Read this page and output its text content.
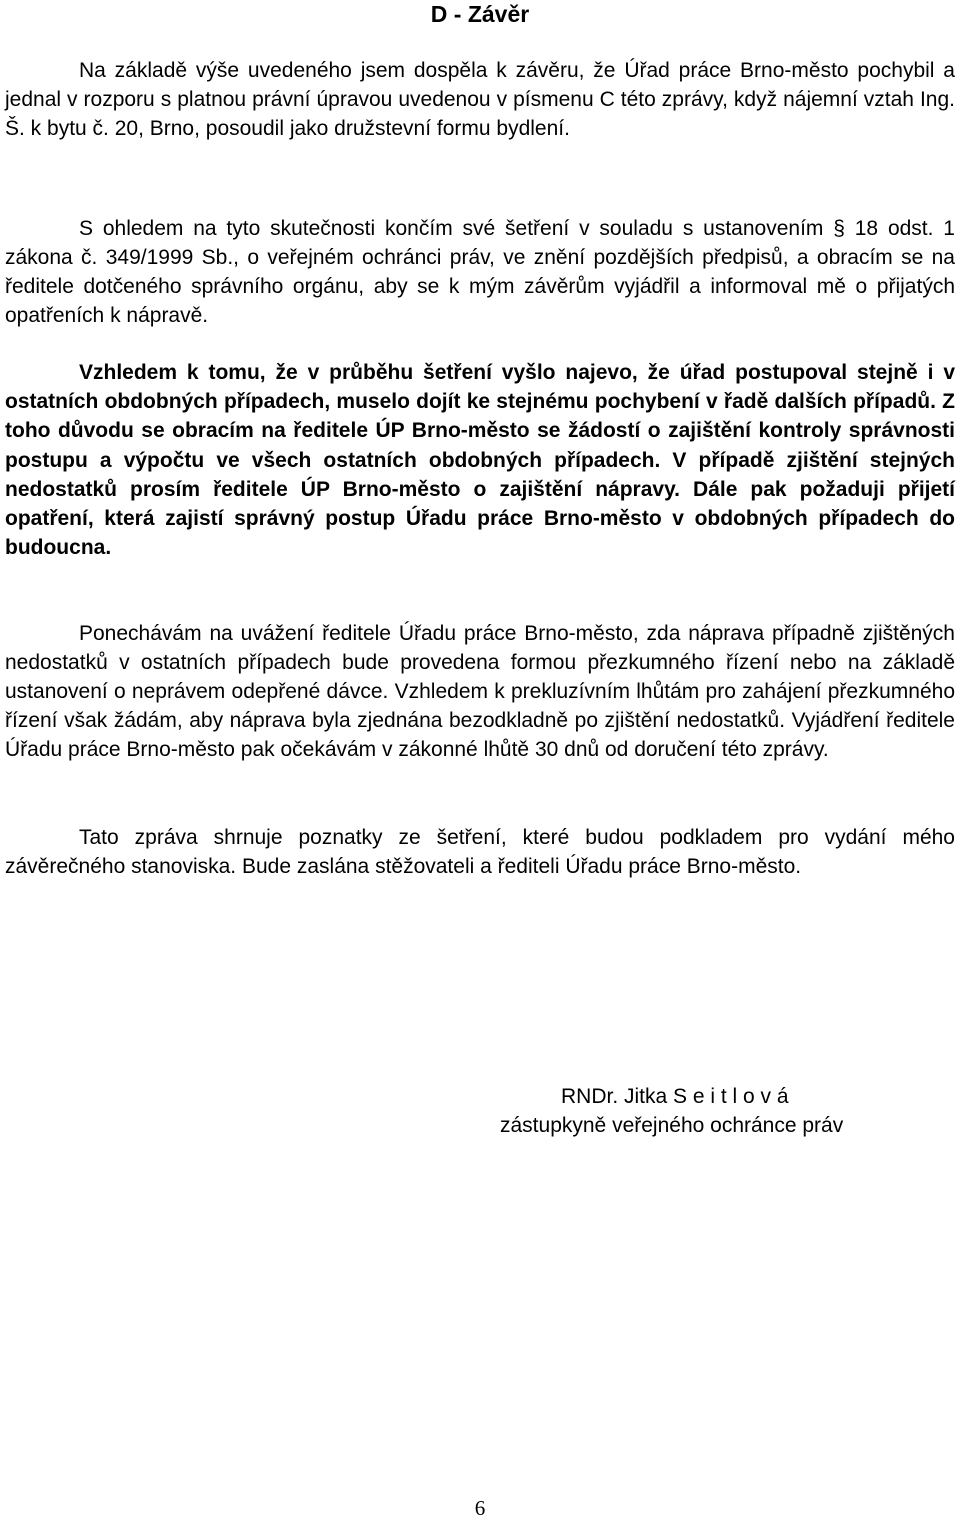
D - Závěr

Na základě výše uvedeného jsem dospěla k závěru, že Úřad práce Brno-město pochybil a jednal v rozporu s platnou právní úpravou uvedenou v písmenu C této zprávy, když nájemní vztah Ing. Š. k bytu č. 20, Brno, posoudil jako družstevní formu bydlení.

S ohledem na tyto skutečnosti končím své šetření v souladu s ustanovením § 18 odst. 1 zákona č. 349/1999 Sb., o veřejném ochránci práv, ve znění pozdějších předpisů, a obracím se na ředitele dotčeného správního orgánu, aby se k mým závěrům vyjádřil a informoval mě o přijatých opatřeních k nápravě.

Vzhledem k tomu, že v průběhu šetření vyšlo najevo, že úřad postupoval stejně i v ostatních obdobných případech, muselo dojít ke stejnému pochybení v řadě dalších případů. Z toho důvodu se obracím na ředitele ÚP Brno-město se žádostí o zajištění kontroly správnosti postupu a výpočtu ve všech ostatních obdobných případech. V případě zjištění stejných nedostatků prosím ředitele ÚP Brno-město o zajištění nápravy. Dále pak požaduji přijetí opatření, která zajistí správný postup Úřadu práce Brno-město v obdobných případech do budoucna.

Ponechávám na uvážení ředitele Úřadu práce Brno-město, zda náprava případně zjištěných nedostatků v ostatních případech bude provedena formou přezkumného řízení nebo na základě ustanovení o neprávem odepřené dávce. Vzhledem k prekluzívním lhůtám pro zahájení přezkumného řízení však žádám, aby náprava byla zjednána bezodkladně po zjištění nedostatků. Vyjádření ředitele Úřadu práce Brno-město pak očekávám v zákonné lhůtě 30 dnů od doručení této zprávy.

Tato zpráva shrnuje poznatky ze šetření, které budou podkladem pro vydání mého závěrečného stanoviska. Bude zaslána stěžovateli a řediteli Úřadu práce Brno-město.

RNDr. Jitka S e i t l o v á
zástupkyně veřejného ochránce práv
6
